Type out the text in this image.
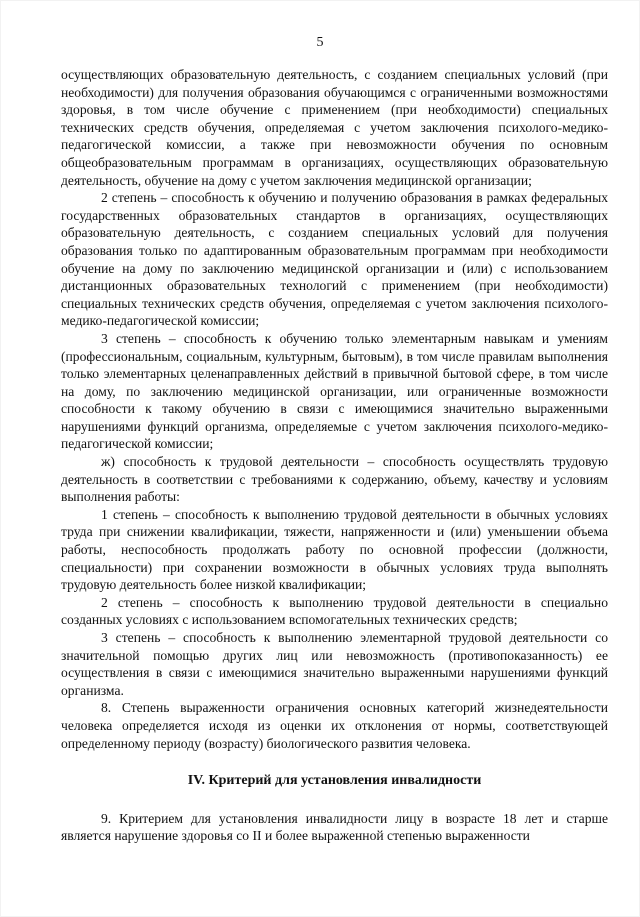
5

осуществляющих образовательную деятельность, с созданием специальных условий (при необходимости) для получения образования обучающимся с ограниченными возможностями здоровья, в том числе обучение с применением (при необходимости) специальных технических средств обучения, определяемая с учетом заключения психолого-медико-педагогической комиссии, а также при невозможности обучения по основным общеобразовательным программам в организациях, осуществляющих образовательную деятельность, обучение на дому с учетом заключения медицинской организации;

2 степень – способность к обучению и получению образования в рамках федеральных государственных образовательных стандартов в организациях, осуществляющих образовательную деятельность, с созданием специальных условий для получения образования только по адаптированным образовательным программам при необходимости обучение на дому по заключению медицинской организации и (или) с использованием дистанционных образовательных технологий с применением (при необходимости) специальных технических средств обучения, определяемая с учетом заключения психолого-медико-педагогической комиссии;

3 степень – способность к обучению только элементарным навыкам и умениям (профессиональным, социальным, культурным, бытовым), в том числе правилам выполнения только элементарных целенаправленных действий в привычной бытовой сфере, в том числе на дому, по заключению медицинской организации, или ограниченные возможности способности к такому обучению в связи с имеющимися значительно выраженными нарушениями функций организма, определяемые с учетом заключения психолого-медико-педагогической комиссии;

ж) способность к трудовой деятельности – способность осуществлять трудовую деятельность в соответствии с требованиями к содержанию, объему, качеству и условиям выполнения работы:

1 степень – способность к выполнению трудовой деятельности в обычных условиях труда при снижении квалификации, тяжести, напряженности и (или) уменьшении объема работы, неспособность продолжать работу по основной профессии (должности, специальности) при сохранении возможности в обычных условиях труда выполнять трудовую деятельность более низкой квалификации;

2 степень – способность к выполнению трудовой деятельности в специально созданных условиях с использованием вспомогательных технических средств;

3 степень – способность к выполнению элементарной трудовой деятельности со значительной помощью других лиц или невозможность (противопоказанность) ее осуществления в связи с имеющимися значительно выраженными нарушениями функций организма.

8. Степень выраженности ограничения основных категорий жизнедеятельности человека определяется исходя из оценки их отклонения от нормы, соответствующей определенному периоду (возрасту) биологического развития человека.

IV. Критерий для установления инвалидности

9. Критерием для установления инвалидности лицу в возрасте 18 лет и старше является нарушение здоровья со II и более выраженной степенью выраженности
